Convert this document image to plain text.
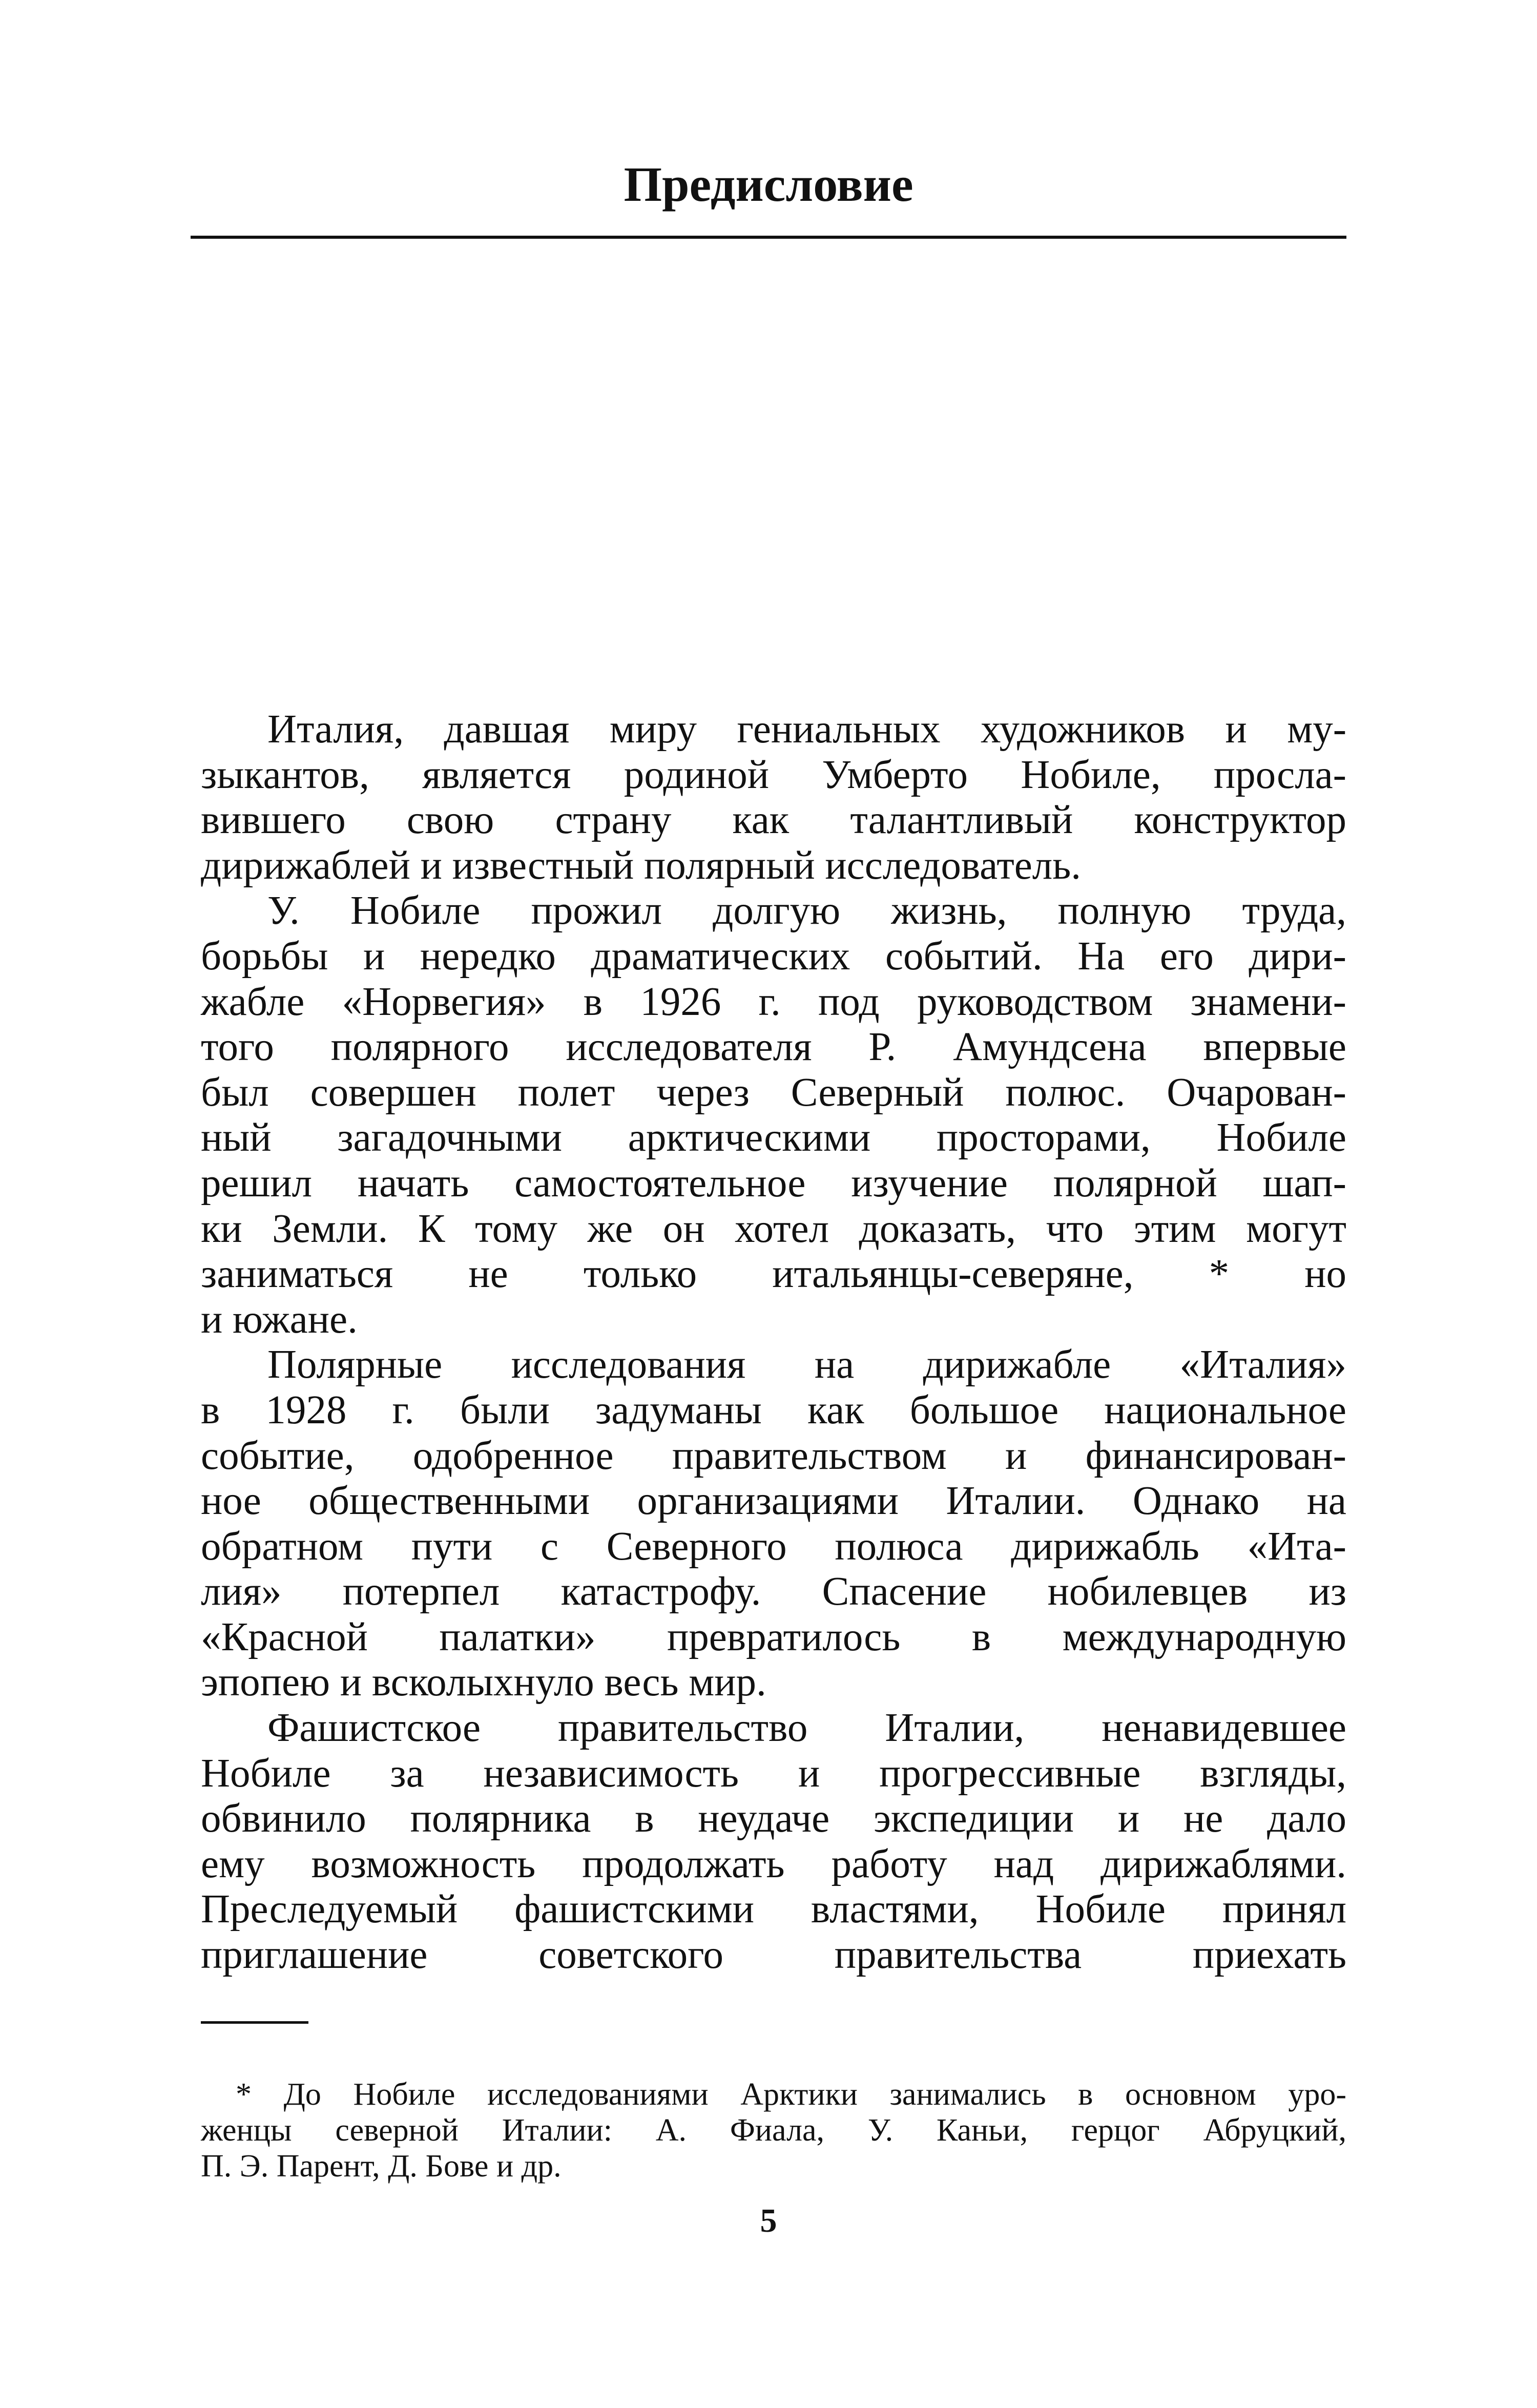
Предисловие
Италия, давшая миру гениальных художников и му-
зыкантов, является родиной Умберто Нобиле, просла-
вившего свою страну как талантливый конструктор
дирижаблей и известный полярный исследователь.
У. Нобиле прожил долгую жизнь, полную труда,
борьбы и нередко драматических событий. На его дири-
жабле «Норвегия» в 1926 г. под руководством знамени-
того полярного исследователя Р. Амундсена впервые
был совершен полет через Северный полюс. Очарован-
ный загадочными арктическими просторами, Нобиле
решил начать самостоятельное изучение полярной шап-
ки Земли. К тому же он хотел доказать, что этим могут
заниматься не только итальянцы-северяне, * но
и южане.
Полярные исследования на дирижабле «Италия»
в 1928 г. были задуманы как большое национальное
событие, одобренное правительством и финансирован-
ное общественными организациями Италии. Однако на
обратном пути с Северного полюса дирижабль «Ита-
лия» потерпел катастрофу. Спасение нобилевцев из
«Красной палатки» превратилось в международную
эпопею и всколыхнуло весь мир.
Фашистское правительство Италии, ненавидевшее
Нобиле за независимость и прогрессивные взгляды,
обвинило полярника в неудаче экспедиции и не дало
ему возможность продолжать работу над дирижаблями.
Преследуемый фашистскими властями, Нобиле принял
приглашение советского правительства приехать
* До Нобиле исследованиями Арктики занимались в основном уро-
женцы северной Италии: А. Фиала, У. Каньи, герцог Абруцкий,
П. Э. Парент, Д. Бове и др.
5
